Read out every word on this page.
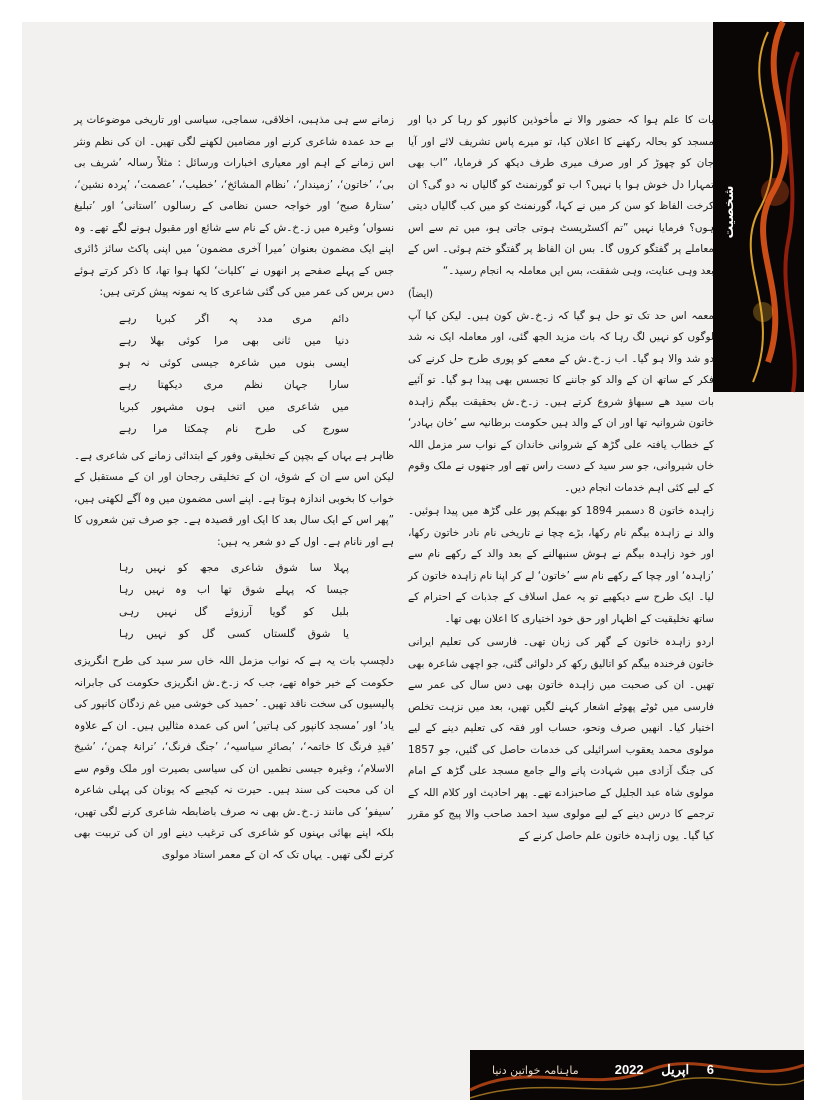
شخصیت

بات کا علم ہوا کہ حضور والا نے مأخوذین کانپور کو رہا کر دیا اور مسجد کو بحالہ رکھنے کا اعلان کیا، تو میرے پاس تشریف لائے اور آیا جان کو چھوڑ کر اور صرف میری طرف دیکھ کر فرمایا، ”اب بھی تمہارا دل خوش ہوا یا نہیں؟ اب تو گورنمنٹ کو گالیاں نہ دو گی؟ ان کرخت الفاظ کو سن کر میں نے کہا، گورنمنٹ کو میں کب گالیاں دیتی ہوں؟ فرمایا نہیں ”تم آکسٹریسٹ ہوتی جاتی ہو، میں تم سے اس معاملے پر گفتگو کروں گا۔ بس ان الفاظ پر گفتگو ختم ہوئی۔ اس کے بعد وہی عنایت، وہی شفقت، بس ایں معاملہ بہ انجام رسید۔“

(ایضاً)

معمہ اس حد تک تو حل ہو گیا کہ ز۔خ۔ش کون ہیں۔ لیکن کیا آپ لوگوں کو نہیں لگ رہا کہ بات مزید الجھ گئی، اور معاملہ ایک نہ شد دو شد والا ہو گیا۔ اب ز۔خ۔ش کے معمے کو پوری طرح حل کرنے کی فکر کے ساتھ ان کے والد کو جاننے کا تجسس بھی پیدا ہو گیا۔ تو آئیے بات سید ھے سبھاؤ شروع کرتے ہیں۔ ز۔خ۔ش بحقیقت بیگم زاہدہ خاتون شروانیہ تھا اور ان کے والد ہیں حکومت برطانیہ سے ’خان بہادر‘ کے خطاب یافتہ علی گڑھ کے شروانی خاندان کے نواب سر مزمل اللہ خاں شیروانی، جو سر سید کے دست راس تھے اور جنھوں نے ملک وقوم کے لیے کئی اہم خدمات انجام دیں۔

زاہدہ خاتون 8 دسمبر 1894 کو بھیکم پور علی گڑھ میں پیدا ہوئیں۔ والد نے زاہدہ بیگم نام رکھا، بڑے چچا نے تاریخی نام نادر خاتون رکھا، اور خود زاہدہ بیگم نے ہوش سنبھالنے کے بعد والد کے رکھے نام سے ’زاہدہ‘ اور چچا کے رکھے نام سے ’خاتون‘ لے کر اپنا نام زاہدہ خاتون کر لیا۔ ایک طرح سے دیکھیے تو یہ عمل اسلاف کے جذبات کے احترام کے ساتھ تخلیقیت کے اظہار اور حق خود اختیاری کا اعلان بھی تھا۔

اردو زاہدہ خاتون کے گھر کی زبان تھی۔ فارسی کی تعلیم ایرانی خاتون فرخندہ بیگم کو اتالیق رکھ کر دلوائی گئی، جو اچھی شاعرہ بھی تھیں۔ ان کی صحبت میں زاہدہ خاتون بھی دس سال کی عمر سے فارسی میں ٹوٹے پھوٹے اشعار کہنے لگیں تھیں، بعد میں نزہت تخلص اختیار کیا۔ انھیں صرف ونحو، حساب اور فقہ کی تعلیم دینے کے لیے مولوی محمد یعقوب اسرائیلی کی خدمات حاصل کی گئیں، جو 1857 کی جنگ آزادی میں شہادت پانے والے جامع مسجد علی گڑھ کے امام مولوی شاہ عبد الجلیل کے صاحبزادے تھے۔ پھر احادیث اور کلام اللہ کے ترجمے کا درس دینے کے لیے مولوی سید احمد صاحب والا پیج کو مقرر کیا گیا۔ یوں زاہدہ خاتون علم حاصل کرنے کے

زمانے سے ہی مذہبی، اخلاقی، سماجی، سیاسی اور تاریخی موضوعات پر بے حد عمدہ شاعری کرنے اور مضامین لکھنے لگی تھیں۔ ان کی نظم ونثر اس زمانے کے اہم اور معیاری اخبارات ورسائل : مثلاً رسالہ ’شریف بی بی‘، ’خاتون‘، ’زمیندار‘، ’نظام المشائخ‘، ’خطیب‘، ’عصمت‘، ’پردہ نشین‘، ’ستارۂ صبح‘ اور خواجہ حسن نظامی کے رسالوں ’استانی‘ اور ’تبلیغ نسواں‘ وغیرہ میں ز۔خ۔ش کے نام سے شائع اور مقبول ہونے لگے تھے۔ وہ اپنے ایک مضمون بعنوان ’میرا آخری مضمون‘ میں اپنی پاکٹ سائز ڈائری جس کے پہلے صفحے پر انھوں نے ’کلیات‘ لکھا ہوا تھا، کا ذکر کرتے ہوئے دس برس کی عمر میں کی گئی شاعری کا یہ نمونہ پیش کرتی ہیں:

دائم مری مدد پہ اگر کبریا رہے
دنیا میں ثانی بھی مرا کوئی بھلا رہے
ایسی بنوں میں شاعرہ جیسی کوئی نہ ہو
سارا جہان نظم مری دیکھتا رہے
میں شاعری میں اتنی ہوں مشہور کبریا
سورج کی طرح نام چمکتا مرا رہے

ظاہر ہے یہاں کے بچپن کے تخلیقی وفور کے ابتدائی زمانے کی شاعری ہے۔ لیکن اس سے ان کے شوق، ان کے تخلیقی رجحان اور ان کے مستقبل کے خواب کا بخوبی اندازہ ہوتا ہے۔ اپنے اسی مضمون میں وہ آگے لکھتی ہیں، ”پھر اس کے ایک سال بعد کا ایک اور قصیدہ ہے۔ جو صرف تین شعروں کا ہے اور نانام ہے۔ اول کے دو شعر یہ ہیں:

پہلا سا شوق شاعری مجھ کو نہیں رہا
جیسا کہ پہلے شوق تھا اب وہ نہیں رہا
بلبل کو گویا آرزوئے گل نہیں رہی
یا شوق گلستاں کسی گل کو نہیں رہا

دلچسپ بات یہ ہے کہ نواب مزمل اللہ خاں سر سید کی طرح انگریزی حکومت کے خیر خواہ تھے، جب کہ ز۔خ۔ش انگریزی حکومت کی جابرانہ پالیسیوں کی سخت ناقد تھیں۔ ’حمید کی خوشی میں غم زدگان کانپور کی یاد‘ اور ’مسجد کانپور کی ہاتیں‘ اس کی عمدہ مثالیں ہیں۔ ان کے علاوہ ’قیدِ فرنگ کا خاتمہ‘، ’بصائرِ سیاسیہ‘، ’جنگ فرنگ‘، ’ترانۂ چمن‘، ’شیخ الاسلام‘، وغیرہ جیسی نظمیں ان کی سیاسی بصیرت اور ملک وقوم سے ان کی محبت کی سند ہیں۔ حیرت نہ کیجیے کہ یونان کی پہلی شاعرہ ’سیفو‘ کی مانند ز۔خ۔ش بھی نہ صرف باضابطہ شاعری کرنے لگی تھیں، بلکہ اپنے بھائی بہنوں کو شاعری کی ترغیب دینے اور ان کی تربیت بھی کرنے لگی تھیں۔ یہاں تک کہ ان کے معمر استاد مولوی

6 اپریل 2022
ماہنامہ خواتین دنیا
